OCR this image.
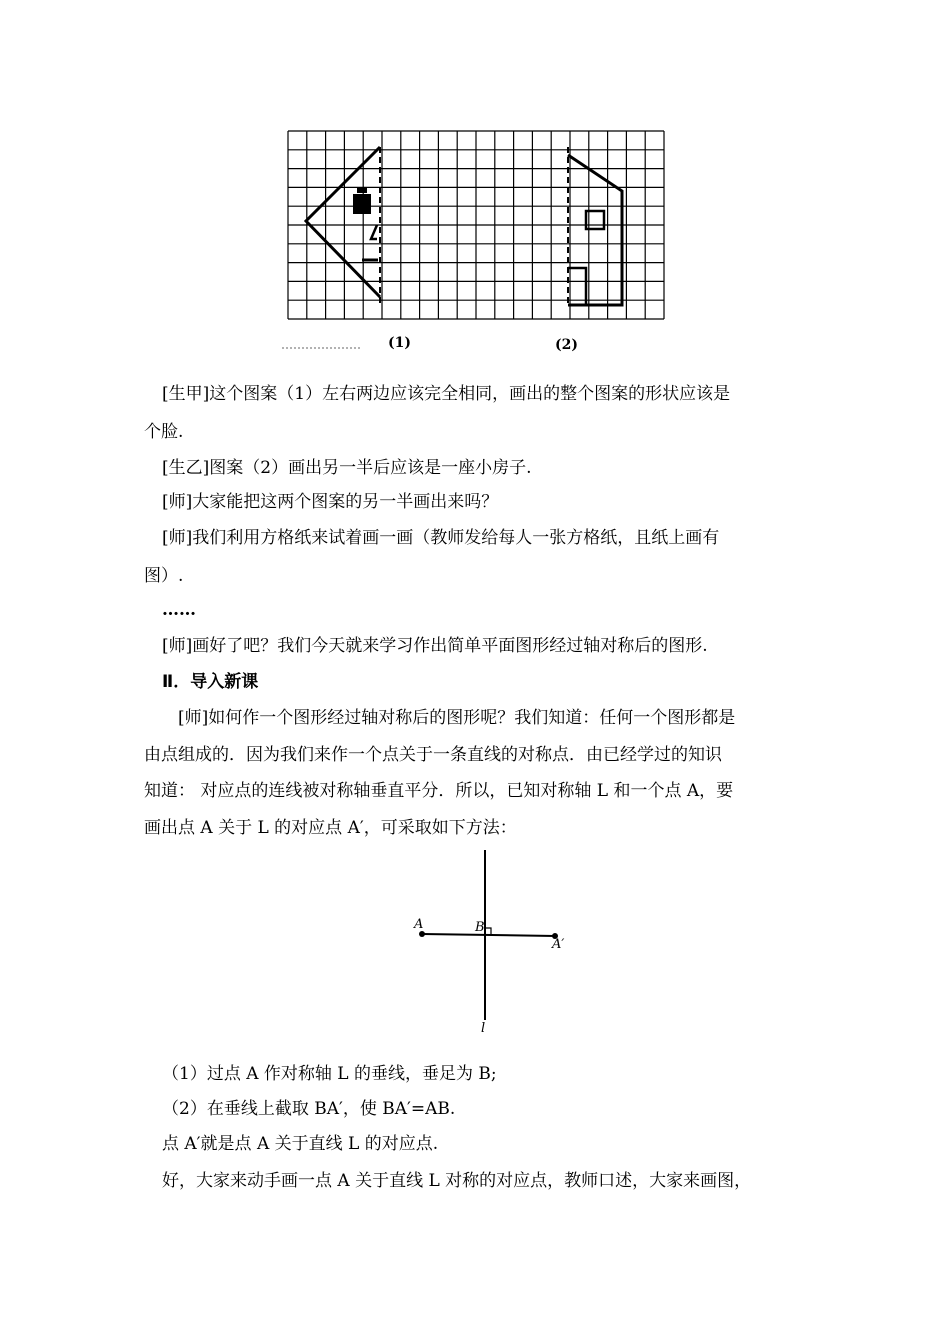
(1)	(2)
[生甲]这个图案（1）左右两边应该完全相同，画出的整个图案的形状应该是
个脸.
[生乙]图案（2）画出另一半后应该是一座小房子.
[师]大家能把这两个图案的另一半画出来吗？
[师]我们利用方格纸来试着画一画（教师发给每人一张方格纸，且纸上画有
图）.
……
[师]画好了吧？我们今天就来学习作出简单平面图形经过轴对称后的图形.
Ⅱ．导入新课
[师]如何作一个图形经过轴对称后的图形呢？我们知道：任何一个图形都是
由点组成的．因为我们来作一个点关于一条直线的对称点．由已经学过的知识
知道： 对应点的连线被对称轴垂直平分．所以，已知对称轴 L 和一个点 A，要
画出点 A 关于 L 的对应点 A′，可采取如下方法：
A	B
A′
l
（1）过点 A 作对称轴 L 的垂线，垂足为 B;
（2）在垂线上截取 BA′，使 BA′=AB.
点 A′就是点 A 关于直线 L 的对应点.
好，大家来动手画一点 A 关于直线 L 对称的对应点，教师口述，大家来画图，
